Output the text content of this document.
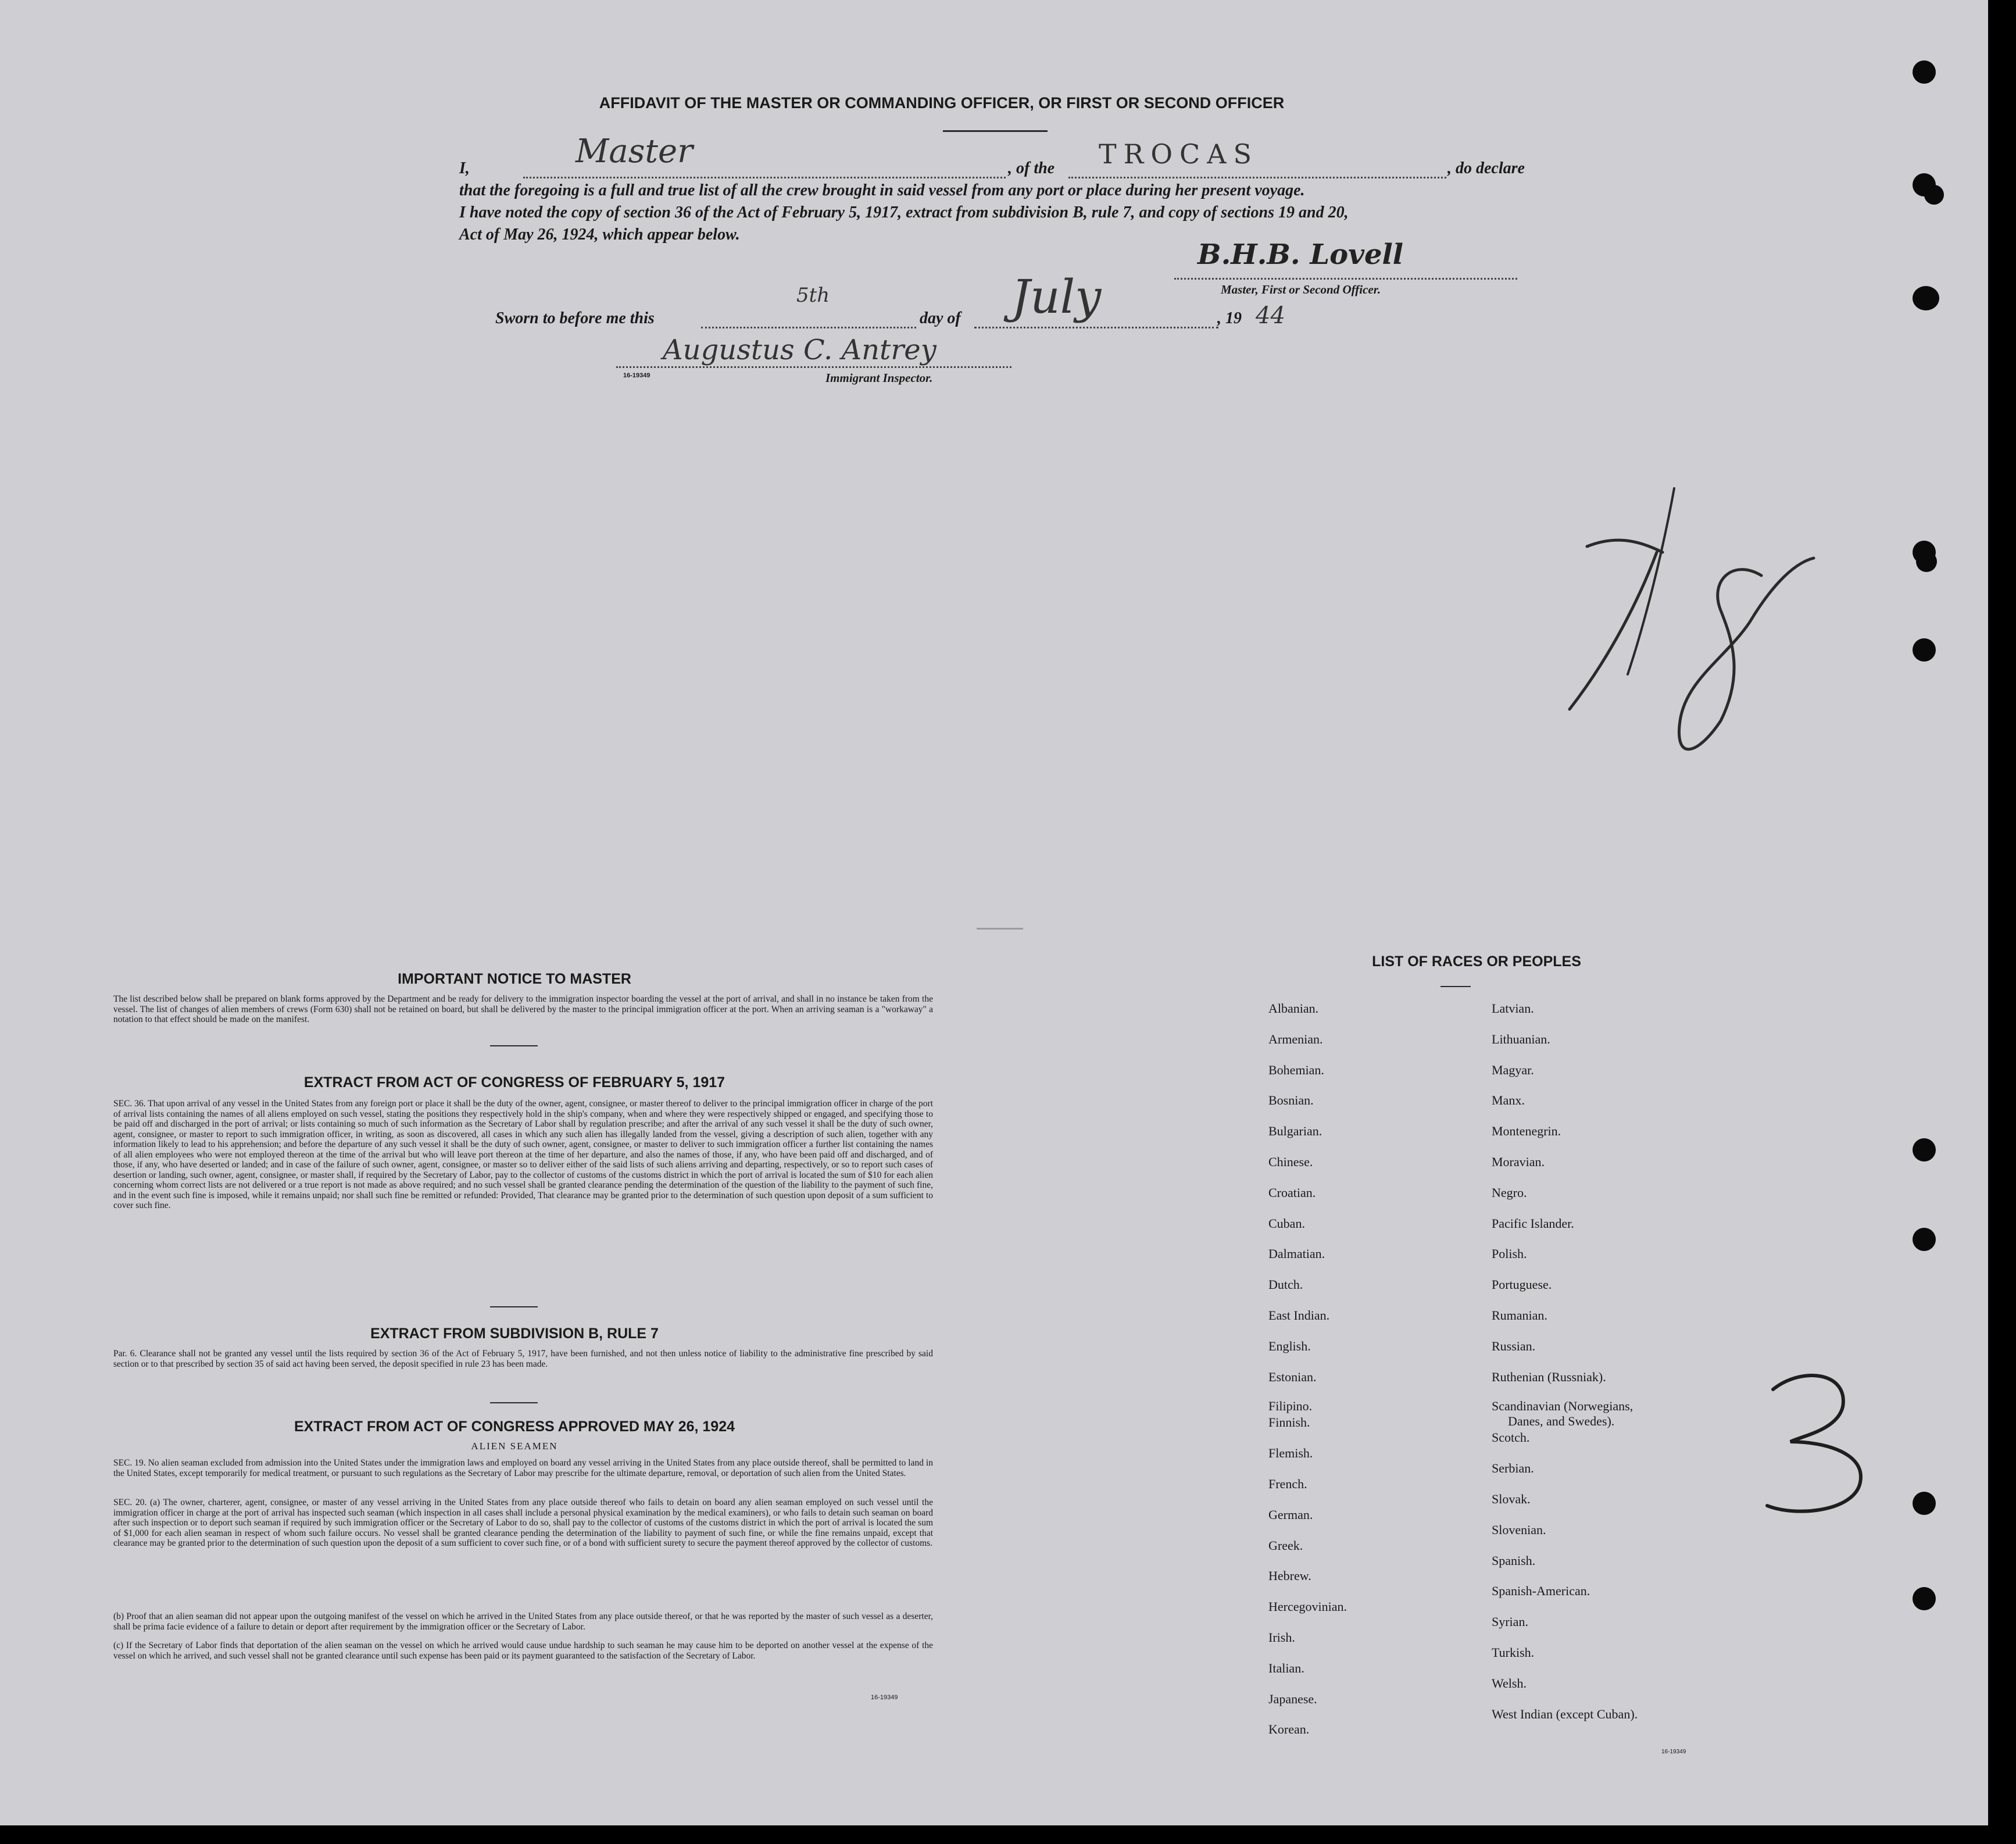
AFFIDAVIT OF THE MASTER OR COMMANDING OFFICER, OR FIRST OR SECOND OFFICER
I,	Master	, of the TROCAS	, do declare
that the foregoing is a full and true list of all the crew brought in said vessel from any port or place during her present voyage.
I have noted the copy of section 36 of the Act of February 5, 1917, extract from subdivision B, rule 7, and copy of sections 19 and 20,
Act of May 26, 1924, which appear below.
B.H.B. Lovell
Master, First or Second Officer.
Sworn to before me this
5th
day of July	, 19 44
Augustus C. Antrey
16-19349	Immigrant Inspector.
1/8
3
IMPORTANT NOTICE TO MASTER
The list described below shall be prepared on blank forms approved by the Department and be ready for delivery to the immigration inspector boarding the vessel at the port of arrival, and shall in no instance be taken from the vessel. The list of changes of alien members of crews (Form 630) shall not be retained on board, but shall be delivered by the master to the principal immigration officer at the port. When an arriving seaman is a "workaway" a notation to that effect should be made on the manifest.
EXTRACT FROM ACT OF CONGRESS OF FEBRUARY 5, 1917
SEC. 36. That upon arrival of any vessel in the United States from any foreign port or place it shall be the duty of the owner, agent, consignee, or master thereof to deliver to the principal immigration officer in charge of the port of arrival lists containing the names of all aliens employed on such vessel, stating the positions they respectively hold in the ship's company, when and where they were respectively shipped or engaged, and specifying those to be paid off and discharged in the port of arrival; or lists containing so much of such information as the Secretary of Labor shall by regulation prescribe; and after the arrival of any such vessel it shall be the duty of such owner, agent, consignee, or master to report to such immigration officer, in writing, as soon as discovered, all cases in which any such alien has illegally landed from the vessel, giving a description of such alien, together with any information likely to lead to his apprehension; and before the departure of any such vessel it shall be the duty of such owner, agent, consignee, or master to deliver to such immigration officer a further list containing the names of all alien employees who were not employed thereon at the time of the arrival but who will leave port thereon at the time of her departure, and also the names of those, if any, who have been paid off and discharged, and of those, if any, who have deserted or landed; and in case of the failure of such owner, agent, consignee, or master so to deliver either of the said lists of such aliens arriving and departing, respectively, or so to report such cases of desertion or landing, such owner, agent, consignee, or master shall, if required by the Secretary of Labor, pay to the collector of customs of the customs district in which the port of arrival is located the sum of $10 for each alien concerning whom correct lists are not delivered or a true report is not made as above required; and no such vessel shall be granted clearance pending the determination of the question of the liability to the payment of such fine, and in the event such fine is imposed, while it remains unpaid; nor shall such fine be remitted or refunded: Provided, That clearance may be granted prior to the determination of such question upon deposit of a sum sufficient to cover such fine.
EXTRACT FROM SUBDIVISION B, RULE 7
Par. 6. Clearance shall not be granted any vessel until the lists required by section 36 of the Act of February 5, 1917, have been furnished, and not then unless notice of liability to the administrative fine prescribed by said section or to that prescribed by section 35 of said act having been served, the deposit specified in rule 23 has been made.
EXTRACT FROM ACT OF CONGRESS APPROVED MAY 26, 1924
ALIEN SEAMEN
SEC. 19. No alien seaman excluded from admission into the United States under the immigration laws and employed on board any vessel arriving in the United States from any place outside thereof, shall be permitted to land in the United States, except temporarily for medical treatment, or pursuant to such regulations as the Secretary of Labor may prescribe for the ultimate departure, removal, or deportation of such alien from the United States.
SEC. 20. (a) The owner, charterer, agent, consignee, or master of any vessel arriving in the United States from any place outside thereof who fails to detain on board any alien seaman employed on such vessel until the immigration officer in charge at the port of arrival has inspected such seaman (which inspection in all cases shall include a personal physical examination by the medical examiners), or who fails to detain such seaman on board after such inspection or to deport such seaman if required by such immigration officer or the Secretary of Labor to do so, shall pay to the collector of customs of the customs district in which the port of arrival is located the sum of $1,000 for each alien seaman in respect of whom such failure occurs. No vessel shall be granted clearance pending the determination of the liability to payment of such fine, or while the fine remains unpaid, except that clearance may be granted prior to the determination of such question upon the deposit of a sum sufficient to cover such fine, or of a bond with sufficient surety to secure the payment thereof approved by the collector of customs.
(b) Proof that an alien seaman did not appear upon the outgoing manifest of the vessel on which he arrived in the United States from any place outside thereof, or that he was reported by the master of such vessel as a deserter, shall be prima facie evidence of a failure to detain or deport after requirement by the immigration officer or the Secretary of Labor.
(c) If the Secretary of Labor finds that deportation of the alien seaman on the vessel on which he arrived would cause undue hardship to such seaman he may cause him to be deported on another vessel at the expense of the vessel on which he arrived, and such vessel shall not be granted clearance until such expense has been paid or its payment guaranteed to the satisfaction of the Secretary of Labor.
16-19349
LIST OF RACES OR PEOPLES
Albanian.
Armenian.
Bohemian.
Bosnian.
Bulgarian.
Chinese.
Croatian.
Cuban.
Dalmatian.
Dutch.
East Indian.
English.
Estonian.
Filipino.
Finnish.
Flemish.
French.
German.
Greek.
Hebrew.
Hercegovinian.
Irish.
Italian.
Japanese.
Korean.
Latvian.
Lithuanian.
Magyar.
Manx.
Montenegrin.
Moravian.
Negro.
Pacific Islander.
Polish.
Portuguese.
Rumanian.
Russian.
Ruthenian (Russniak).
Scandinavian (Norwegians,
Danes, and Swedes).
Scotch.
Serbian.
Slovak.
Slovenian.
Spanish.
Spanish-American.
Syrian.
Turkish.
Welsh.
West Indian (except Cuban).
16-19349
